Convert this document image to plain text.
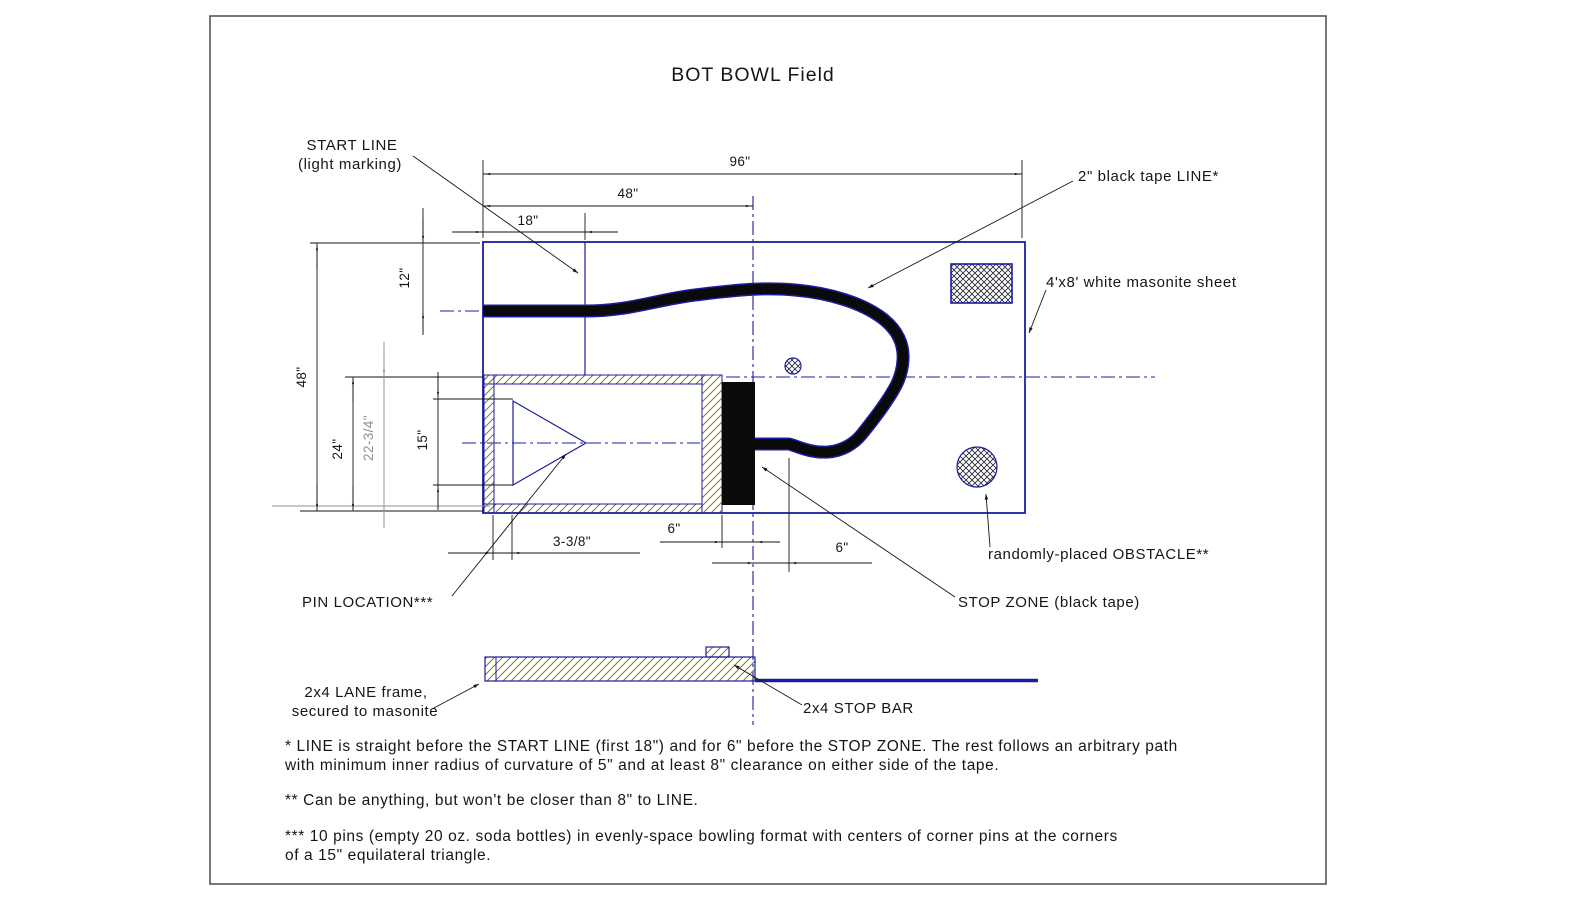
BOT BOWL Field
START LINE
(light marking)
2" black tape LINE*
4'x8' white masonite sheet
randomly-placed OBSTACLE**
PIN LOCATION***	STOP ZONE (black tape)
2x4 LANE frame,
secured to masonite	2x4 STOP BAR
96"
48"
18"
48"
24" 22-3/4"	15"
12"
3-3/8"
6"
6"
* LINE is straight before the START LINE (first 18") and for 6" before the STOP ZONE. The rest follows an arbitrary path
with minimum inner radius of curvature of 5" and at least 8" clearance on either side of the tape.
** Can be anything, but won't be closer than 8" to LINE.
*** 10 pins (empty 20 oz. soda bottles) in evenly-space bowling format with centers of corner pins at the corners
of a 15" equilateral triangle.
